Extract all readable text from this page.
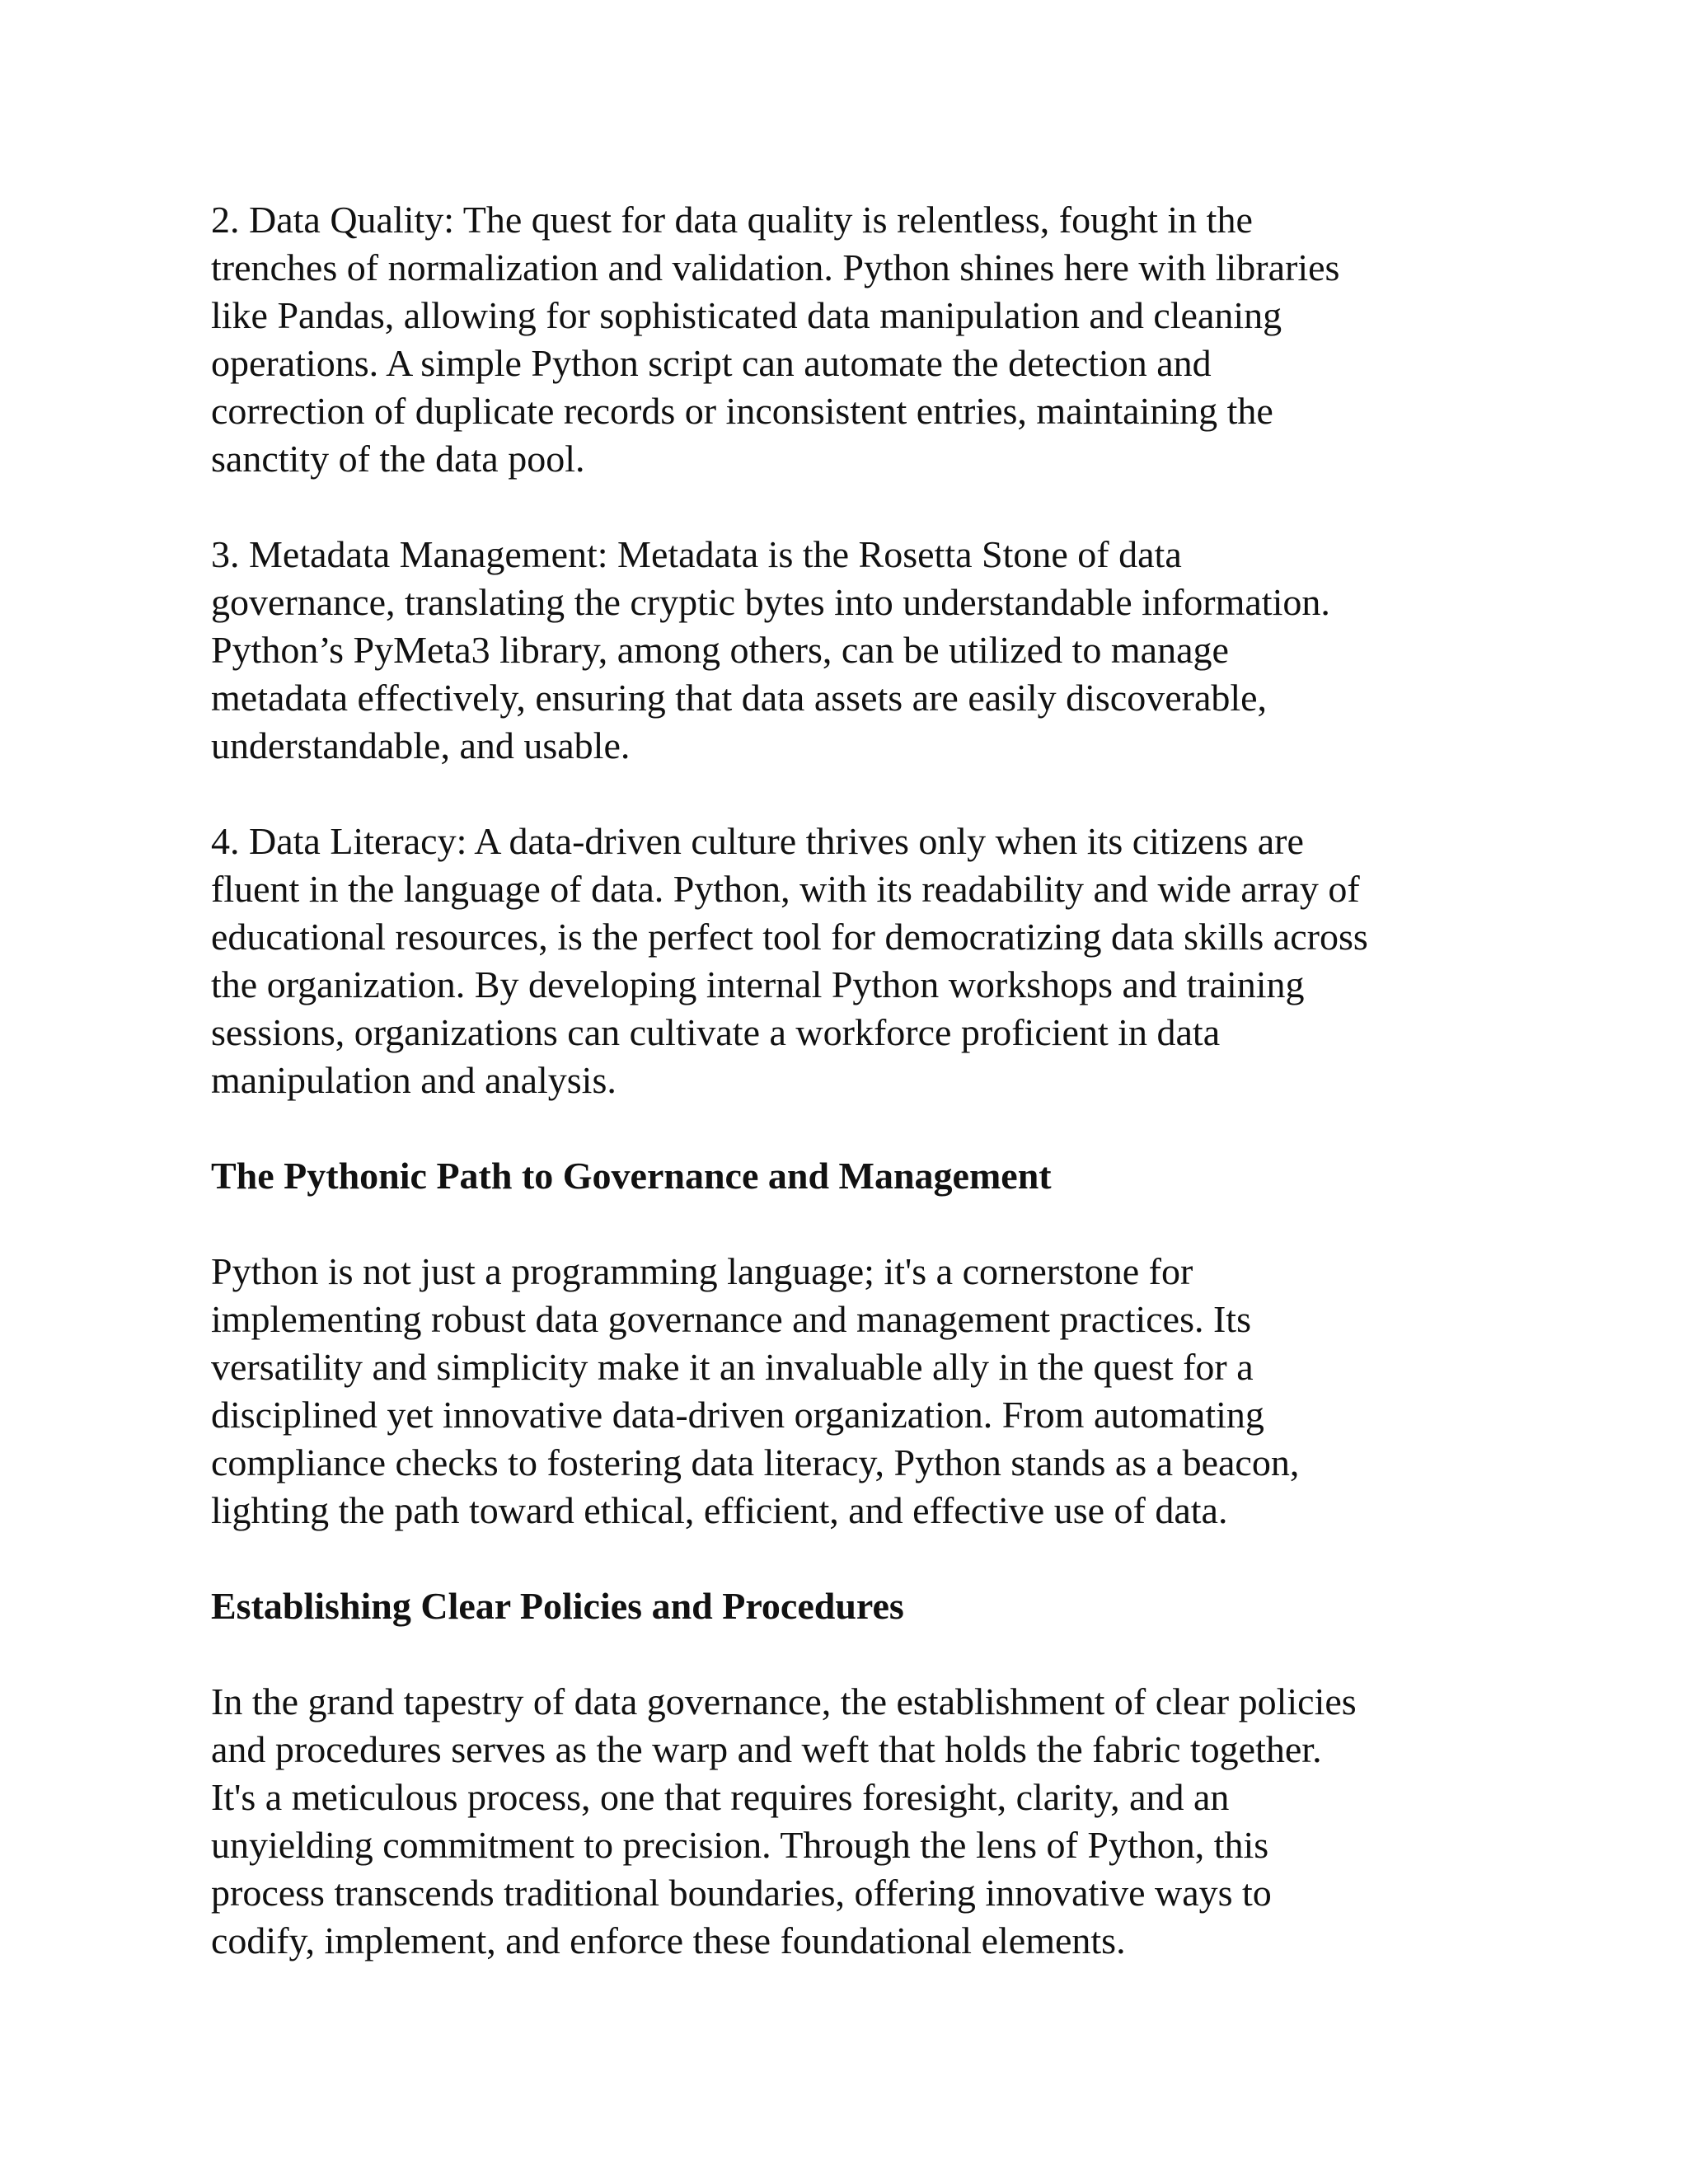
2. Data Quality: The quest for data quality is relentless, fought in the
trenches of normalization and validation. Python shines here with libraries
like Pandas, allowing for sophisticated data manipulation and cleaning
operations. A simple Python script can automate the detection and
correction of duplicate records or inconsistent entries, maintaining the
sanctity of the data pool.

3. Metadata Management: Metadata is the Rosetta Stone of data
governance, translating the cryptic bytes into understandable information.
Python’s PyMeta3 library, among others, can be utilized to manage
metadata effectively, ensuring that data assets are easily discoverable,
understandable, and usable.

4. Data Literacy: A data-driven culture thrives only when its citizens are
fluent in the language of data. Python, with its readability and wide array of
educational resources, is the perfect tool for democratizing data skills across
the organization. By developing internal Python workshops and training
sessions, organizations can cultivate a workforce proficient in data
manipulation and analysis.

The Pythonic Path to Governance and Management

Python is not just a programming language; it's a cornerstone for
implementing robust data governance and management practices. Its
versatility and simplicity make it an invaluable ally in the quest for a
disciplined yet innovative data-driven organization. From automating
compliance checks to fostering data literacy, Python stands as a beacon,
lighting the path toward ethical, efficient, and effective use of data.

Establishing Clear Policies and Procedures

In the grand tapestry of data governance, the establishment of clear policies
and procedures serves as the warp and weft that holds the fabric together.
It's a meticulous process, one that requires foresight, clarity, and an
unyielding commitment to precision. Through the lens of Python, this
process transcends traditional boundaries, offering innovative ways to
codify, implement, and enforce these foundational elements.
